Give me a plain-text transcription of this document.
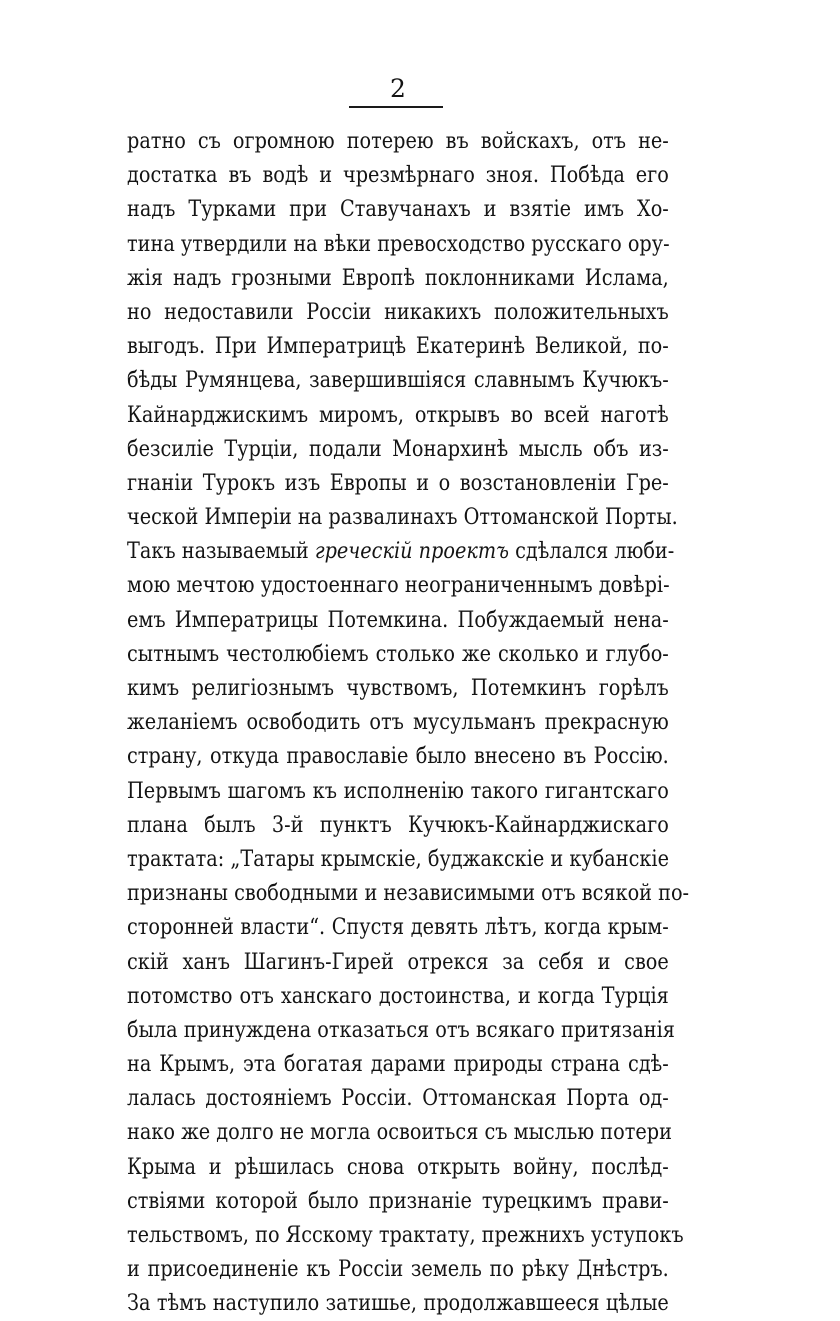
2
ратно съ огромною потерею въ войскахъ, отъ не-
достатка въ водѣ и чрезмѣрнаго зноя. Побѣда его
надъ Турками при Ставучанахъ и взятіе имъ Хо-
тина утвердили на вѣки превосходство русскаго ору-
жія надъ грозными Европѣ поклонниками Ислама,
но недоставили Россіи никакихъ положительныхъ
выгодъ. При Императрицѣ Екатеринѣ Великой, по-
бѣды Румянцева, завершившіяся славнымъ Кучюкъ-
Кайнарджискимъ миромъ, открывъ во всей наготѣ
безсиліе Турціи, подали Монархинѣ мысль объ из-
гнаніи Турокъ изъ Европы и о возстановленіи Гре-
ческой Имперіи на развалинахъ Оттоманской Порты.
Такъ называемый греческій проектъ сдѣлался люби-
мою мечтою удостоеннаго неограниченнымъ довѣрі-
емъ Императрицы Потемкина. Побуждаемый нена-
сытнымъ честолюбіемъ столько же сколько и глубо-
кимъ религіознымъ чувствомъ, Потемкинъ горѣлъ
желаніемъ освободить отъ мусульманъ прекрасную
страну, откуда православіе было внесено въ Россію.
Первымъ шагомъ къ исполненію такого гигантскаго
плана былъ 3-й пунктъ Кучюкъ-Кайнарджискаго
трактата: „Татары крымскіе, буджакскіе и кубанскіе
признаны свободными и независимыми отъ всякой по-
сторонней власти“. Спустя девять лѣтъ, когда крым-
скій ханъ Шагинъ-Гирей отрекся за себя и свое
потомство отъ ханскаго достоинства, и когда Турція
была принуждена отказаться отъ всякаго притязанія
на Крымъ, эта богатая дарами природы страна сдѣ-
лалась достояніемъ Россіи. Оттоманская Порта од-
нако же долго не могла освоиться съ мыслью потери
Крыма и рѣшилась снова открыть войну, послѣд-
ствіями которой было признаніе турецкимъ прави-
тельствомъ, по Ясскому трактату, прежнихъ уступокъ
и присоединеніе къ Россіи земель по рѣку Днѣстръ.
За тѣмъ наступило затишье, продолжавшееся цѣлые
